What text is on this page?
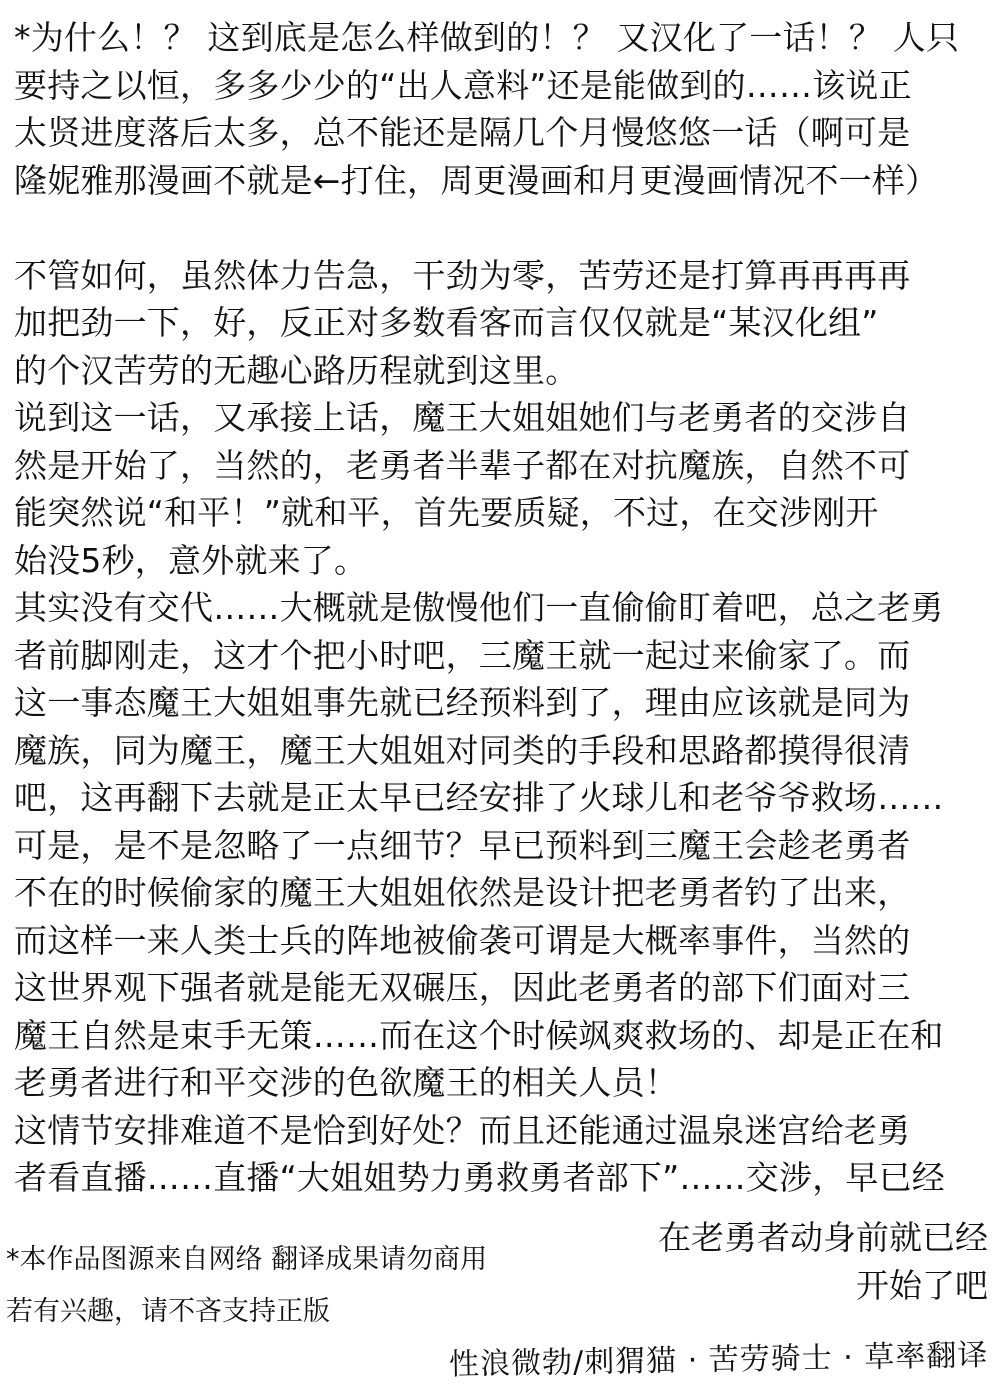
*为什么！？ 这到底是怎么样做到的！？ 又汉化了一话！？ 人只
要持之以恒，多多少少的“出人意料”还是能做到的……该说正
太贤进度落后太多，总不能还是隔几个月慢悠悠一话（啊可是
隆妮雅那漫画不就是←打住，周更漫画和月更漫画情况不一样）
不管如何，虽然体力告急，干劲为零，苦劳还是打算再再再再
加把劲一下，好，反正对多数看客而言仅仅就是“某汉化组”
的个汉苦劳的无趣心路历程就到这里。
说到这一话，又承接上话，魔王大姐姐她们与老勇者的交涉自
然是开始了，当然的，老勇者半辈子都在对抗魔族，自然不可
能突然说“和平！”就和平，首先要质疑，不过，在交涉刚开
始没5秒，意外就来了。
其实没有交代……大概就是傲慢他们一直偷偷盯着吧，总之老勇
者前脚刚走，这才个把小时吧，三魔王就一起过来偷家了。而
这一事态魔王大姐姐事先就已经预料到了，理由应该就是同为
魔族，同为魔王，魔王大姐姐对同类的手段和思路都摸得很清
吧，这再翻下去就是正太早已经安排了火球儿和老爷爷救场……
可是，是不是忽略了一点细节？早已预料到三魔王会趁老勇者
不在的时候偷家的魔王大姐姐依然是设计把老勇者钓了出来，
而这样一来人类士兵的阵地被偷袭可谓是大概率事件，当然的
这世界观下强者就是能无双碾压，因此老勇者的部下们面对三
魔王自然是束手无策……而在这个时候飒爽救场的、却是正在和
老勇者进行和平交涉的色欲魔王的相关人员！
这情节安排难道不是恰到好处？而且还能通过温泉迷宫给老勇
者看直播……直播“大姐姐势力勇救勇者部下”……交涉，早已经
在老勇者动身前就已经
开始了吧
*本作品图源来自网络 翻译成果请勿商用
若有兴趣，请不吝支持正版
性浪微勃/刺猬猫 · 苦劳骑士 · 草率翻译
